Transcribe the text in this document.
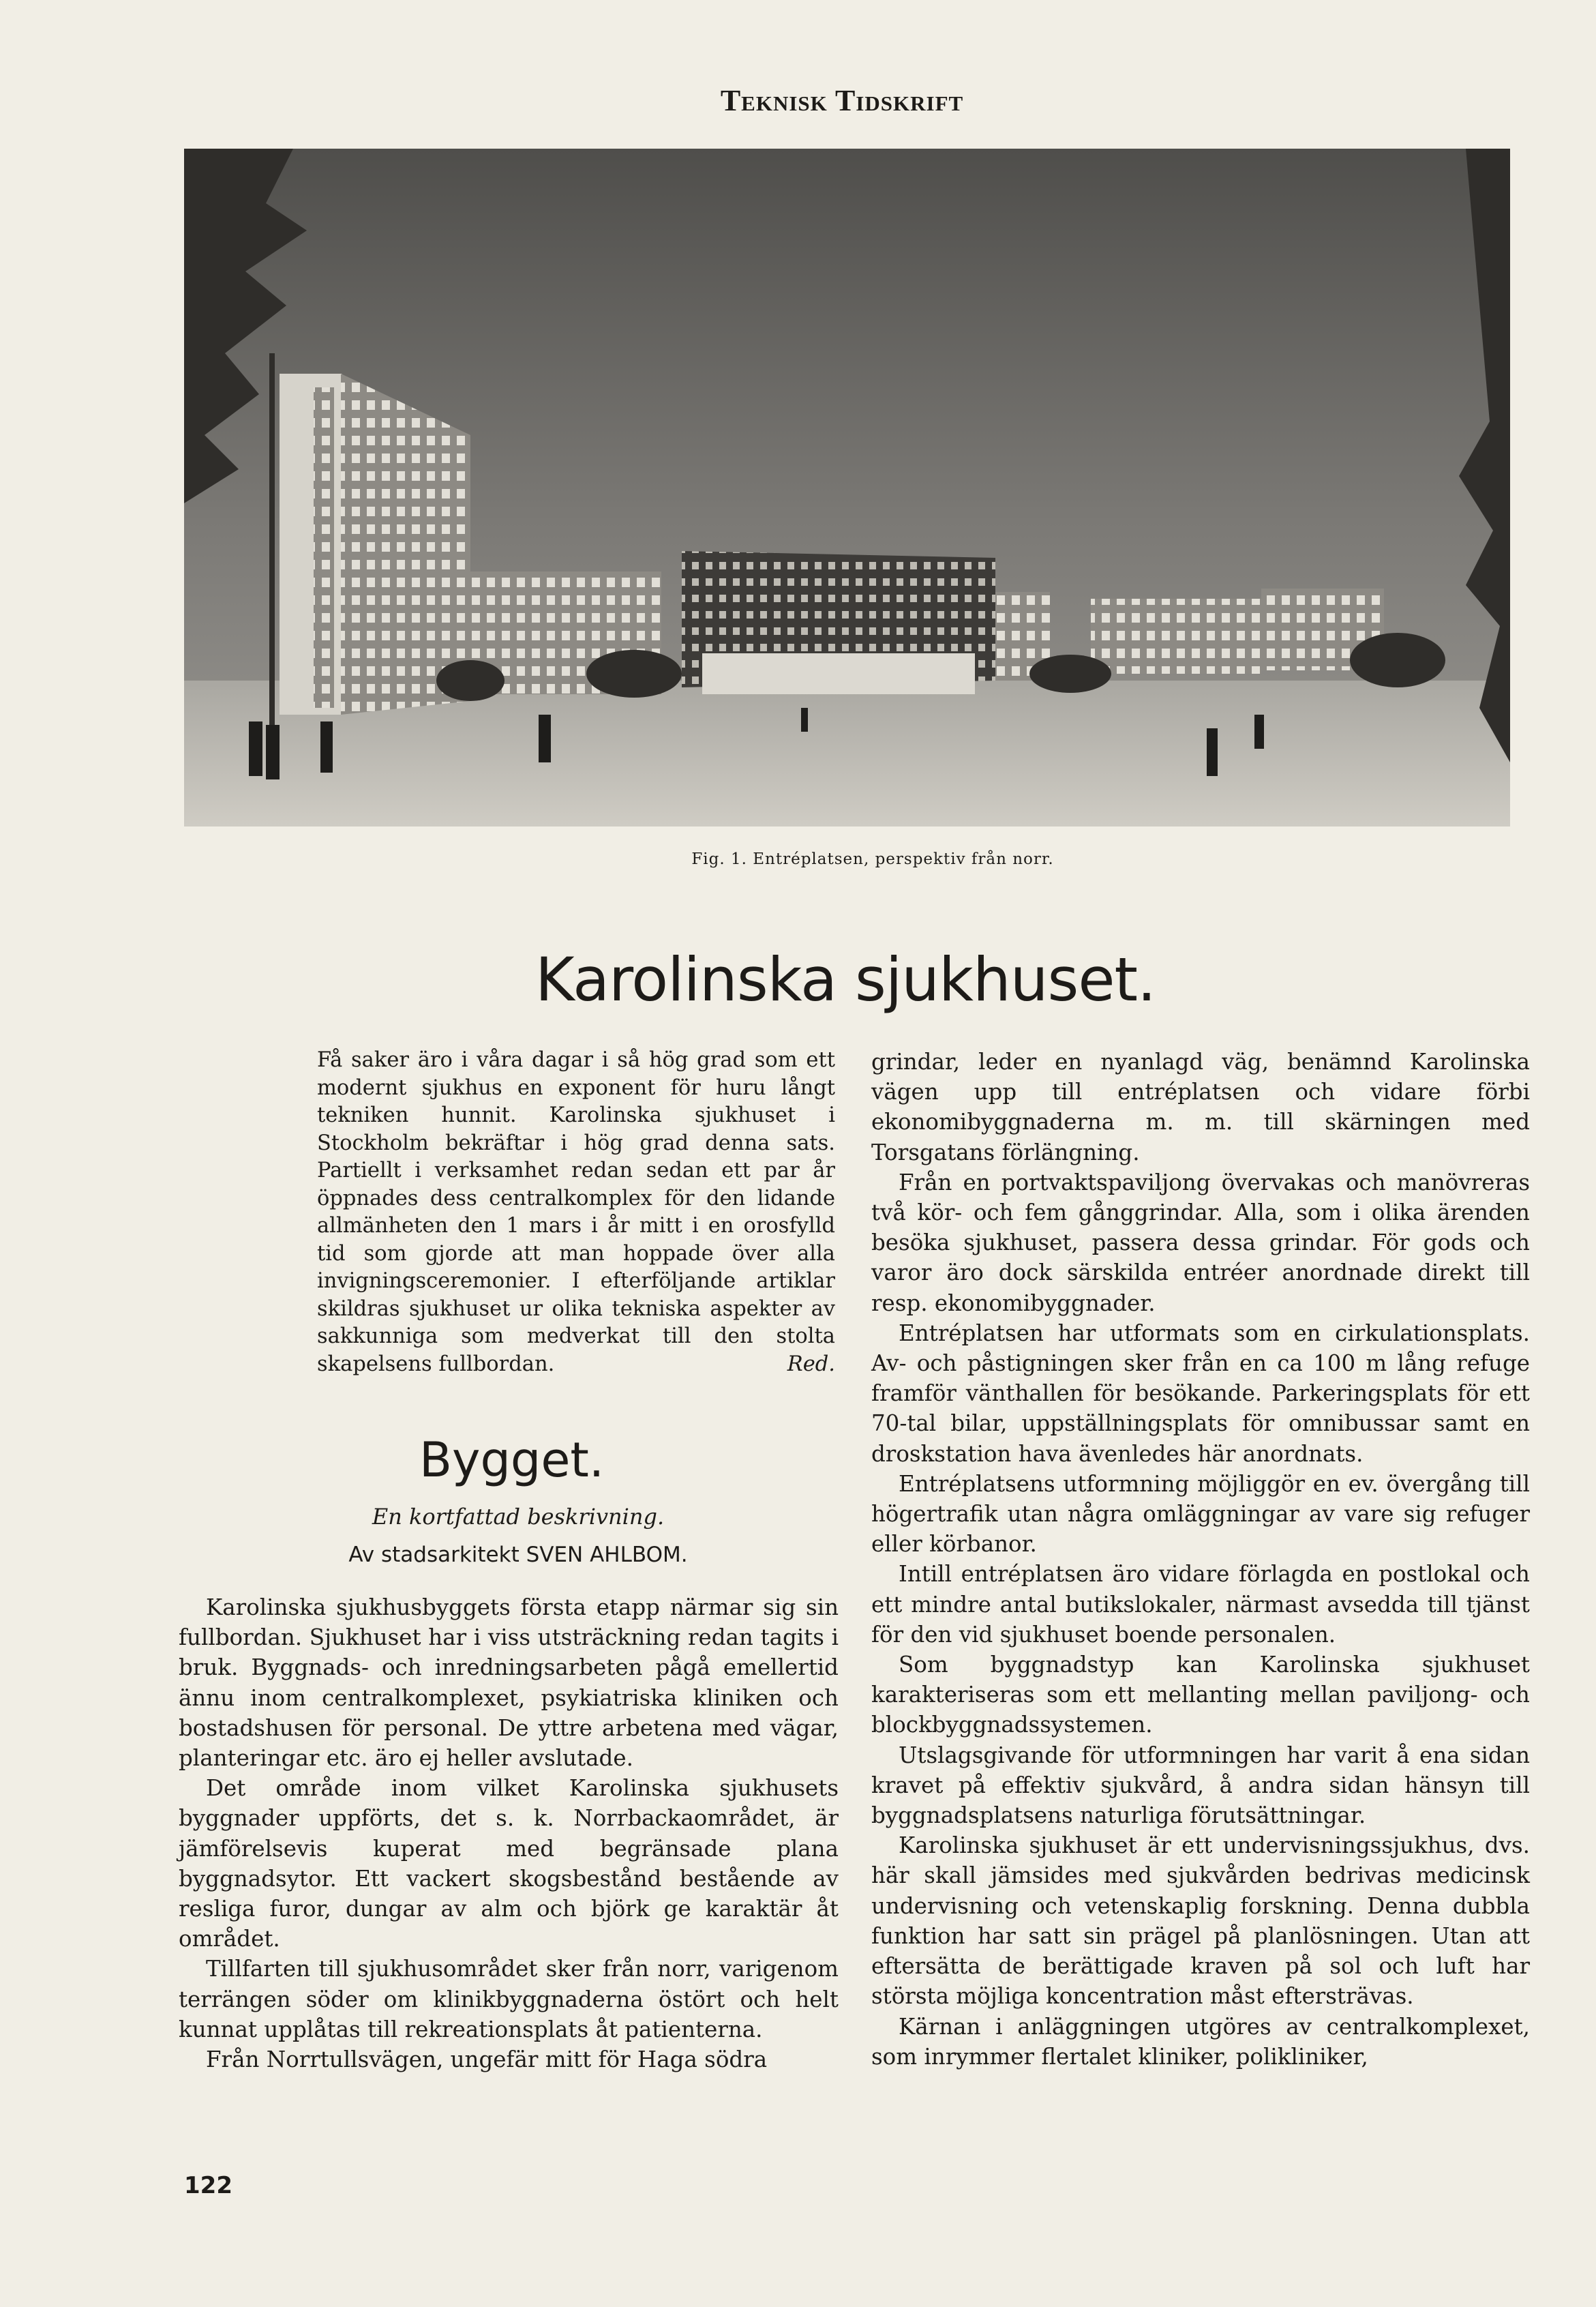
Teknisk Tidskrift
Fig. 1. Entréplatsen, perspektiv från norr.
Karolinska sjukhuset.

Få saker äro i våra dagar i så hög grad som ett modernt sjukhus en exponent för huru långt tekniken hunnit. Karolinska sjukhuset i Stockholm bekräftar i hög grad denna sats. Partiellt i verksamhet redan sedan ett par år öppnades dess centralkomplex för den lidande allmänheten den 1 mars i år mitt i en orosfylld tid som gjorde att man hoppade över alla invigningsceremonier. I efterföljande artiklar skildras sjukhuset ur olika tekniska aspekter av sakkunniga som medverkat till den stolta skapelsens fullbordan.	Red.

Bygget.
En kortfattad beskrivning.
Av stadsarkitekt SVEN AHLBOM.

Karolinska sjukhusbyggets första etapp närmar sig sin fullbordan. Sjukhuset har i viss utsträckning redan tagits i bruk. Byggnads- och inredningsarbeten pågå emellertid ännu inom centralkomplexet, psykiatriska kliniken och bostadshusen för personal. De yttre arbetena med vägar, planteringar etc. äro ej heller avslutade.

Det område inom vilket Karolinska sjukhusets byggnader uppförts, det s. k. Norrbackaområdet, är jämförelsevis kuperat med begränsade plana byggnadsytor. Ett vackert skogsbestånd bestående av resliga furor, dungar av alm och björk ge karaktär åt området.

Tillfarten till sjukhusområdet sker från norr, varigenom terrängen söder om klinikbyggnaderna östört och helt kunnat upplåtas till rekreationsplats åt patienterna.

Från Norrtullsvägen, ungefär mitt för Haga södra

grindar, leder en nyanlagd väg, benämnd Karolinska vägen upp till entréplatsen och vidare förbi ekonomibyggnaderna m. m. till skärningen med Torsgatans förlängning.

Från en portvaktspaviljong övervakas och manövreras två kör- och fem gånggrindar. Alla, som i olika ärenden besöka sjukhuset, passera dessa grindar. För gods och varor äro dock särskilda entréer anordnade direkt till resp. ekonomibyggnader.

Entréplatsen har utformats som en cirkulationsplats. Av- och påstigningen sker från en ca 100 m lång refuge framför vänthallen för besökande. Parkeringsplats för ett 70-tal bilar, uppställningsplats för omnibussar samt en droskstation hava ävenledes här anordnats.

Entréplatsens utformning möjliggör en ev. övergång till högertrafik utan några omläggningar av vare sig refuger eller körbanor.

Intill entréplatsen äro vidare förlagda en postlokal och ett mindre antal butikslokaler, närmast avsedda till tjänst för den vid sjukhuset boende personalen.

Som byggnadstyp kan Karolinska sjukhuset karakteriseras som ett mellanting mellan paviljong- och blockbyggnadssystemen.

Utslagsgivande för utformningen har varit å ena sidan kravet på effektiv sjukvård, å andra sidan hänsyn till byggnadsplatsens naturliga förutsättningar.

Karolinska sjukhuset är ett undervisningssjukhus, dvs. här skall jämsides med sjukvården bedrivas medicinsk undervisning och vetenskaplig forskning. Denna dubbla funktion har satt sin prägel på planlösningen. Utan att eftersätta de berättigade kraven på sol och luft har största möjliga koncentration måst eftersträvas.

Kärnan i anläggningen utgöres av centralkomplexet, som inrymmer flertalet kliniker, polikliniker,

122
